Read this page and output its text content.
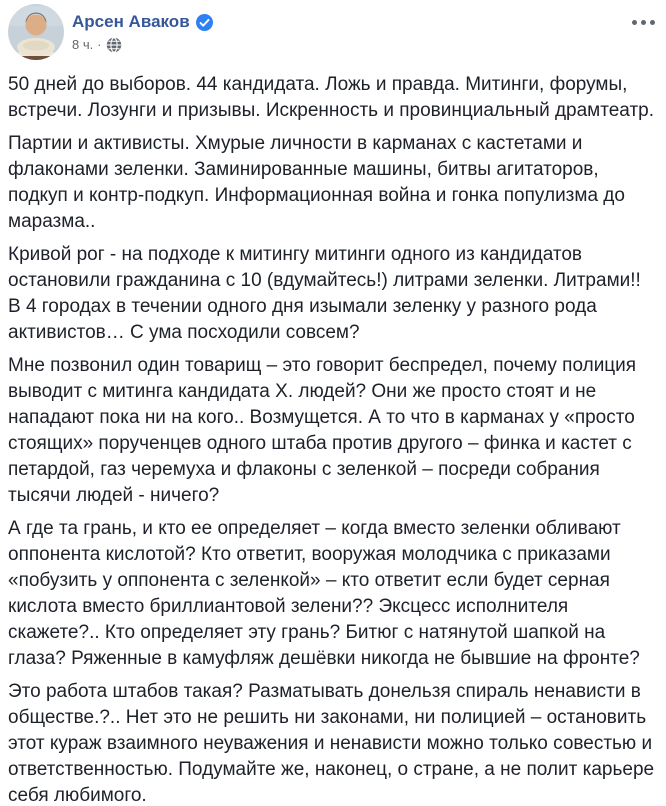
Арсен Аваков
8 ч. ·

50 дней до выборов. 44 кандидата. Ложь и правда. Митинги, форумы, встречи. Лозунги и призывы. Искренность и провинциальный драмтеатр.

Партии и активисты. Хмурые личности в карманах с кастетами и флаконами зеленки. Заминированные машины, битвы агитаторов, подкуп и контр-подкуп. Информационная война и гонка популизма до маразма..

Кривой рог - на подходе к митингу митинги одного из кандидатов остановили гражданина с 10 (вдумайтесь!) литрами зеленки. Литрами!! В 4 городах в течении одного дня изымали зеленку у разного рода активистов… С ума посходили совсем?

Мне позвонил один товарищ – это говорит беспредел, почему полиция выводит с митинга кандидата Х. людей? Они же просто стоят и не нападают пока ни на кого.. Возмущется. А то что в карманах у «просто стоящих» порученцев одного штаба против другого – финка и кастет с петардой, газ черемуха и флаконы с зеленкой – посреди собрания тысячи людей - ничего?

А где та грань, и кто ее определяет – когда вместо зеленки обливают оппонента кислотой? Кто ответит, вооружая молодчика с приказами «побузить у оппонента с зеленкой» – кто ответит если будет серная кислота вместо бриллиантовой зелени?? Эксцесс исполнителя скажете?.. Кто определяет эту грань? Битюг с натянутой шапкой на глаза? Ряженные в камуфляж дешёвки никогда не бывшие на фронте?

Это работа штабов такая? Разматывать донельзя спираль ненависти в обществе.?.. Нет это не решить ни законами, ни полицией – остановить этот кураж взаимного неуважения и ненависти можно только совестью и ответственностью. Подумайте же, наконец, о стране, а не полит карьере себя любимого.
